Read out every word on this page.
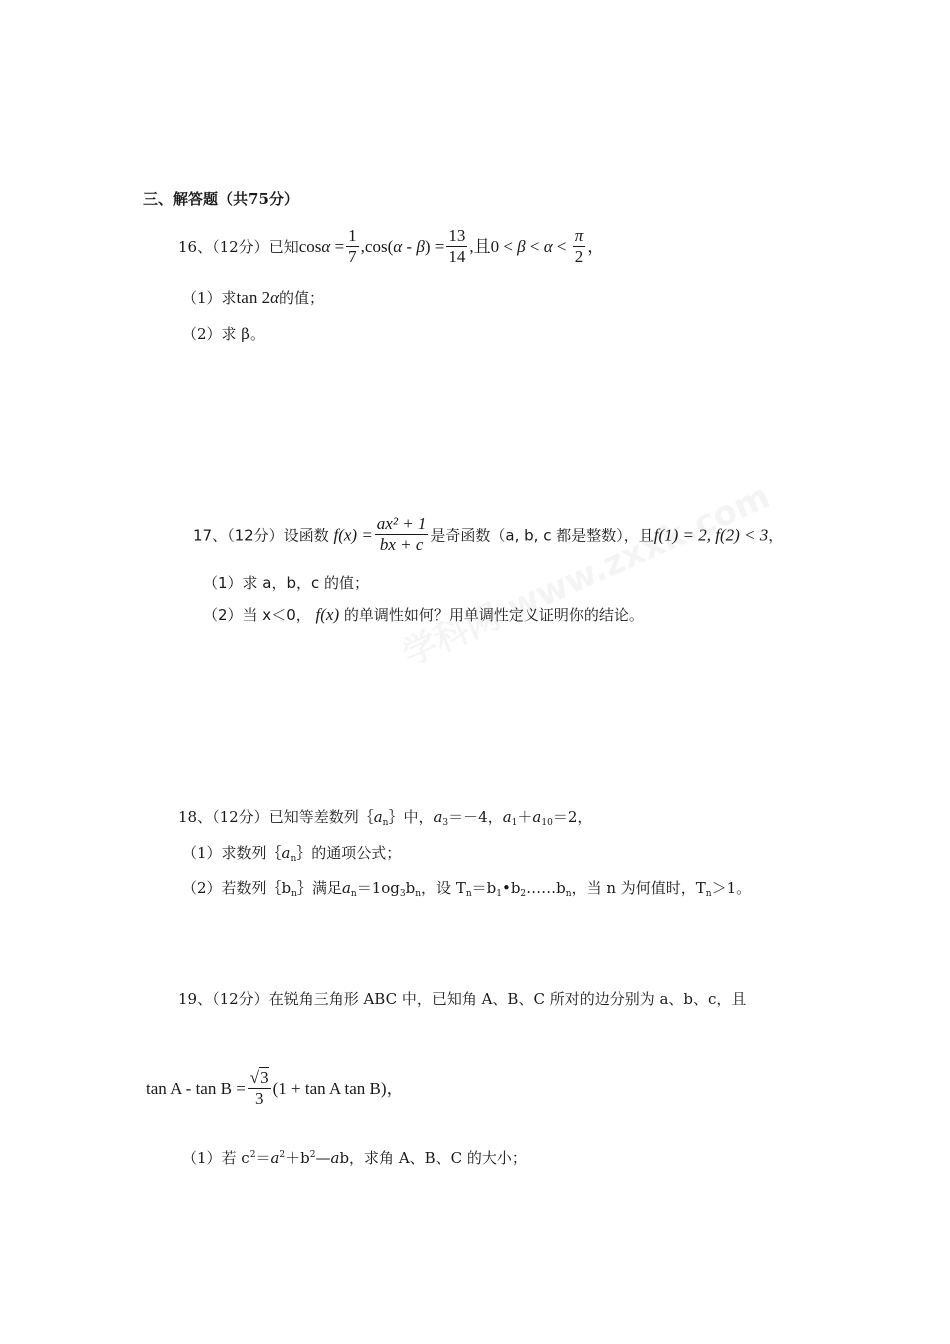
三、解答题（共75分）
16、（12分）已知$\cos\alpha = \frac{1}{7} ,\cos(\alpha - \beta) = \frac{13}{14}$ ,且$0 < \beta < \alpha < \frac{\pi}{2}$ ，
（1）求tan 2α的值；
（2）求 β。
17、（12分）设函数 $f(x) = \frac{\text{ax² + 1}}{bx + c}$ 是奇函数（a, b, c 都是整数），且f(1) = 2, f(2) < 3，
（1）求 a，b，c 的值；
（2）当 x＜0， f(x) 的单调性如何？用单调性定义证明你的结论。
18、（12分）已知等差数列$\{a_n\}$中，$a_3=-4$，$a_1+a_{10}=2$，
（1）求数列$\{a_n\}$的通项公式；
（2）若数列$\{b_n\}$满足$a_n=1og_3b_n$，设 $T_n=b_1•b_2\dots\dots b_n$，当 n 为何值时，$T_n>1$。
19、（12分）在锐角三角形 ABC 中，已知角 A、B、C 所对的边分别为 a、b、c，且
$\tan A - \tan B = \frac{√3}{3} (1 + \tan A$ tan B)，
（1）若 $c^2=a^2+b^2—ab$，求角 A、B、C 的大小；
